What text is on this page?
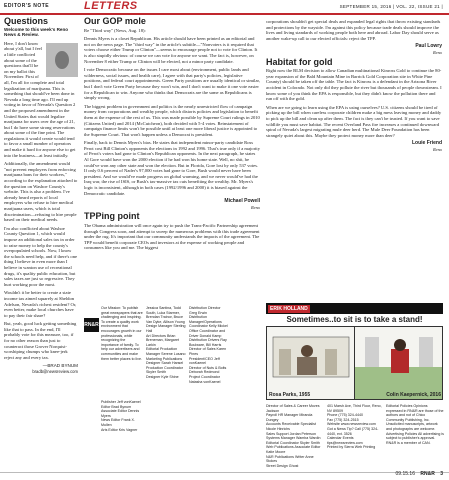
EDITOR'S NOTE	LETTERS	SEPTEMBER 15, 2016 | VOL. 22, ISSUE 21 |
Questions
Welcome to this week's Reno News & Review.
Here, I don't know about y'all, but I feel a little conflicted about some of the questions that'll be on my ballot this November. First of all, I'm all for complete and total legalization of marijuana. This is something that should've been done in Nevada a long time ago. I'll end up voting in favor of Nevada's Question 2 and the proposed amendment in the United States that would legalize marijuana for users over the age of 21, but I do have some strong reservations about some of the fine print. The regulations it would create would tend to favor a small number of operators and make it hard for anyone else to get into the business—at least initially.
Additionally, the amendment would "not prevent employers from enforcing marijuana bans for their workers," according to the explanation attached to the question on Washoe County's website. This is also a problem. I've already heard reports of local employers who refuse to hire medical marijuana users, which is total discrimination—refusing to hire people based on their medical needs.
I'm also conflicted about Washoe County Question 1, which would impose an additional sales tax in order to raise money to help the county's overpopulated schools. Now, I know the schools need help, and if there's one thing I believe in even more than I believe in wanton use of recreational drugs, it's quality public education, but sales taxes are just so regressive. They hurt working poor the most.
Wouldn't it be better to create a state income tax aimed squarely at Sheldon Adelson, Nevada's richest resident? Or, even better, make local churches have to pay their fair share?
But, yeah, good luck getting something like that to pass. In the end, I'll probably vote for this measure, too, if for no other reason than just to counteract those Grover Norquist-worshiping chumps who knee-jerk reject any and every tax.
—BRAD BYNUM
bradb@newsreview.com
Our GOP mole
Re "Third way" (News, Aug. 18):
Dennis Myers is a closet Republican. His article should have been printed as an editorial and not on the news page. The "third way" in the article's subtitle—"Nonvoters is it required that voters choose either Trump or Clinton"—seems to encourage people not to vote for Clinton. It is also stupidly obvious: of course we can vote for anyone we want. The fact is, however, on November 8 either Trump or Clinton will be elected, not a minor party candidate.
I vote Democratic because on the issues I care most about (environment, public lands and wilderness, social issues, and health care), I agree with that party's policies, legislative positions, and federal court appointments. Green Party positions are usually identical or similar, but I don't vote Green Party because they won't win, and I don't want to make it one vote easier for a Republican to win. Anyone who thinks that Democrats are the same as Republicans is simply wrong.
The biggest problem in government and politics is the nearly unrestricted flow of campaign money from corporations and wealthy people, which distorts policies and legislation to benefit them at the expense of the rest of us. This was made possible by Supreme Court rulings in 2010 (Citizens United) and 2014 (McCutcheon), both decided with 5-4 votes. Reinstatement of campaign finance limits won't be possible until at least one more liberal justice is appointed to the Supreme Court. That won't happen unless a Democrat is president.
Finally, back to Dennis Myers's bias. He states that independent minor-party candidate Ross Perot cost Bill Clinton's opponents the elections in 1992 and 1996. That's true only if a majority of Perot's voters had gone to Clinton's Republican opponents. In the next paragraph, he states Al Gore would have won the 2000 election if he had won his home state. Well, no shit, he could've won any other state and won the election. But in Florida, Gore lost by only 537 votes. If only 0.6 percent of Nader's 97,000 votes had gone to Gore, Bush would never have been president. And we would've made progress on global warming, and we never would've had the Iraq war, the rise of ISIS, or Bush's tax-massive tax cuts benefiting the wealthy. Mr. Myers's logic is inconsistent, although in both cases (1992/1996 and 2000) it is biased against the Democratic candidate.
Michael Powell
Reno
TPPing point
The Obama administration will once again try to push the Trans-Pacific Partnership agreement through Congress soon, and attempt to sweep the numerous problems with this trade agreement under the rug. It's important that our community understands the impacts of the agreement. The TPP would benefit corporate CEOs and investors at the expense of working people and consumers like you and me. The biggest
corporations shouldn't get special deals and expanded legal rights that throw existing standards and protections by the wayside. I'm against this policy because trade deals should improve the lives and living standards of working people both here and abroad. Labor Day should serve as another wake-up call to our elected officials: reject the TPP.
Paul Lowry
Reno
Habitat for gold
Right now the BLM decision to allow Canadian multinational Kinross Gold to continue the 80-year expansion of the Bald Mountain Mine in Barrick Gold Corporation site in White Pine County) should be taken off the table. The fact is Kinross is a defendant in the Arizona River accident in Colorado. Not only did they pollute the river but thousands of people downstream. I know some of you think the EPA is responsible, but they didn't know the pollution there and run off with the gold.
When are we going to learn using the EPA is using ourselves? U.S. citizens should be tired of picking up the bill when careless corporate children make a big mess leaving money and daddy to pick up the bill and clean up after them. The fact is they can't be trusted. If you want to save wildlife you must save habitat. The recent Overland Pass fire increases a continued downward spiral of Nevada's largest migrating mule deer herd. The Mule Deer Foundation has been strangely quiet about this. Maybe they protect money more than deer?
Louie Friend
Reno
ERIK HOLLAND
Sometimes..to sit is to take a stand!
Rosa Parks, 1955	Colin Kaepernick, 2016
RN&R
Our Mission: To publish great newspapers that are challenging and inspiring. To create a quality work environment that encourages growth in our professionals, while recognizing the importance of family. To help our advertisers and communities and make them better places to live.
Publisher Jeff vonKaenel
Editor Brad Bynum
Associate Editor Dennis Myers
News Editor Frank X. Mullen
Arts Editor Kris Vagner
Jessica Santina, Todd South, Luka Starmer, Brendan Trainor, Bruce Van Dyke, Allison Young
Design Manager Sterling Hall
Art Directors Brian Breneman, Margaret Larkin
Editorial Production Manager Serene Lusano
Marketing Publications Designer Sarah Hansel
Production Coordinator Skyler Smith
Designer Kyle Shine
Distribution Director Greg Erwin
Distribution Manager/Operations Coordinator Kelly Mickel
Office Coordinator and Driver Donald Kamp
Distribution Drivers Ray Boulware, Bill Harris
Director of Sales Karen Pines
President/CEO Jeff vonKaenel
Director of Nuts & Bolts Deborah Redmond
Project Coordinator Natasha vonKaenel
Director of Sales & Career Moves Jackson
Payroll HR Manager Miranda Dungey
Accounts Receivable Specialist Nicole Hinrichs
Sales Support Jordan Peterson
Systems Manager Wamba Wardin
Editorial Coordinator Skyler Smith
Web Publications Associate Editor Katie Moore
N&R Publications Writer Anne Stokes
Street Design Ghost
401 Marsh Ave, Third Floor, Reno, NV 89509
Phone (775) 324-4440
Fax (775) 324-2515
Website www.newsreview.com
Got a News Tip? Call (775) 324-4440, ext. 3526
Calendar Events tips@newsreview.com
Printed by Sierra Web Printing
Editorial Policies Opinions expressed in RN&R are those of the authors and not of Chico Community Publishing, Inc.
Unsolicited manuscripts, artwork and photographs are welcome.
Advertising Policies All advertising is subject to publisher's approval.
RN&R is a member of CAN.
09.15.16 RN&R 3
